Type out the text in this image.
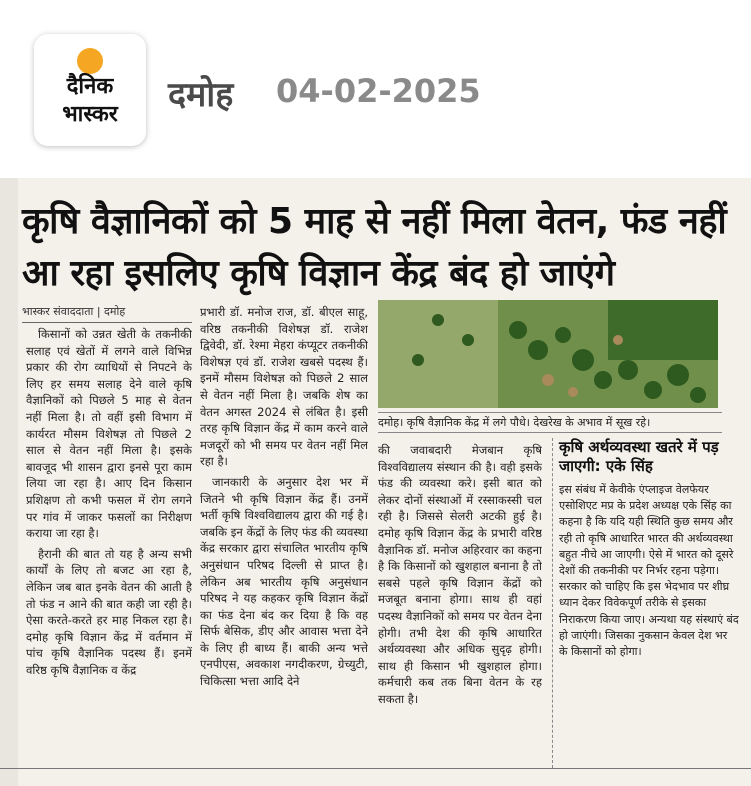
दैनिक
भास्कर	दमोह 04-02-2025
कृषि वैज्ञानिकों को 5 माह से नहीं मिला वेतन, फंड नहीं आ रहा इसलिए कृषि विज्ञान केंद्र बंद हो जाएंगे
भास्कर संवाददाता | दमोह

किसानों को उन्नत खेती के तकनीकी सलाह एवं खेतों में लगने वाले विभिन्न प्रकार की रोग व्याधियों से निपटने के लिए हर समय सलाह देने वाले कृषि वैज्ञानिकों को पिछले 5 माह से वेतन नहीं मिला है। तो वहीं इसी विभाग में कार्यरत मौसम विशेषज्ञ तो पिछले 2 साल से वेतन नहीं मिला है। इसके बावजूद भी शासन द्वारा इनसे पूरा काम लिया जा रहा है। आए दिन किसान प्रशिक्षण तो कभी फसल में रोग लगने पर गांव में जाकर फसलों का निरीक्षण कराया जा रहा है।

हैरानी की बात तो यह है अन्य सभी कार्यों के लिए तो बजट आ रहा है, लेकिन जब बात इनके वेतन की आती है तो फंड न आने की बात कही जा रही है। ऐसा करते-करते हर माह निकल रहा है। दमोह कृषि विज्ञान केंद्र में वर्तमान में पांच कृषि वैज्ञानिक पदस्थ हैं। इनमें वरिष्ठ कृषि वैज्ञानिक व केंद्र

प्रभारी डॉ. मनोज राज, डॉ. बीएल साहू, वरिष्ठ तकनीकी विशेषज्ञ डॉ. राजेश द्विवेदी, डॉ. रेश्मा मेहरा कंप्यूटर तकनीकी विशेषज्ञ एवं डॉ. राजेश खबसे पदस्थ हैं। इनमें मौसम विशेषज्ञ को पिछले 2 साल से वेतन नहीं मिला है। जबकि शेष का वेतन अगस्त 2024 से लंबित है। इसी तरह कृषि विज्ञान केंद्र में काम करने वाले मजदूरों को भी समय पर वेतन नहीं मिल रहा है।

जानकारी के अनुसार देश भर में जितने भी कृषि विज्ञान केंद्र हैं। उनमें भर्ती कृषि विश्वविद्यालय द्वारा की गई है। जबकि इन केंद्रों के लिए फंड की व्यवस्था केंद्र सरकार द्वारा संचालित भारतीय कृषि अनुसंधान परिषद दिल्ली से प्राप्त है। लेकिन अब भारतीय कृषि अनुसंधान परिषद ने यह कहकर कृषि विज्ञान केंद्रों का फंड देना बंद कर दिया है कि वह सिर्फ बेसिक, डीए और आवास भत्ता देने के लिए ही बाध्य हैं। बाकी अन्य भत्ते एनपीएस, अवकाश नगदीकरण, ग्रेच्युटी, चिकित्सा भत्ता आदि देने

दमोह। कृषि वैज्ञानिक केंद्र में लगे पौधे। देखरेख के अभाव में सूख रहे।

की जवाबदारी मेजबान कृषि विश्वविद्यालय संस्थान की है। वही इसके फंड की व्यवस्था करे। इसी बात को लेकर दोनों संस्थाओं में रस्साकस्सी चल रही है। जिससे सेलरी अटकी हुई है। दमोह कृषि विज्ञान केंद्र के प्रभारी वरिष्ठ वैज्ञानिक डॉ. मनोज अहिरवार का कहना है कि किसानों को खुशहाल बनाना है तो सबसे पहले कृषि विज्ञान केंद्रों को मजबूत बनाना होगा। साथ ही वहां पदस्थ वैज्ञानिकों को समय पर वेतन देना होगी। तभी देश की कृषि आधारित अर्थव्यवस्था और अधिक सुदृढ़ होगी। साथ ही किसान भी खुशहाल होगा। कर्मचारी कब तक बिना वेतन के रह सकता है।

कृषि अर्थव्यवस्था खतरे में पड़ जाएगी: एके सिंह
इस संबंध में केवीके एंप्लाइज वेलफेयर एसोशिएट मप्र के प्रदेश अध्यक्ष एके सिंह का कहना है कि यदि यही स्थिति कुछ समय और रही तो कृषि आधारित भारत की अर्थव्यवस्था बहुत नीचे आ जाएगी। ऐसे में भारत को दूसरे देशों की तकनीकी पर निर्भर रहना पड़ेगा। सरकार को चाहिए कि इस भेदभाव पर शीघ्र ध्यान देकर विवेकपूर्ण तरीके से इसका निराकरण किया जाए। अन्यथा यह संस्थाएं बंद हो जाएंगी। जिसका नुकसान केवल देश भर के किसानों को होगा।
